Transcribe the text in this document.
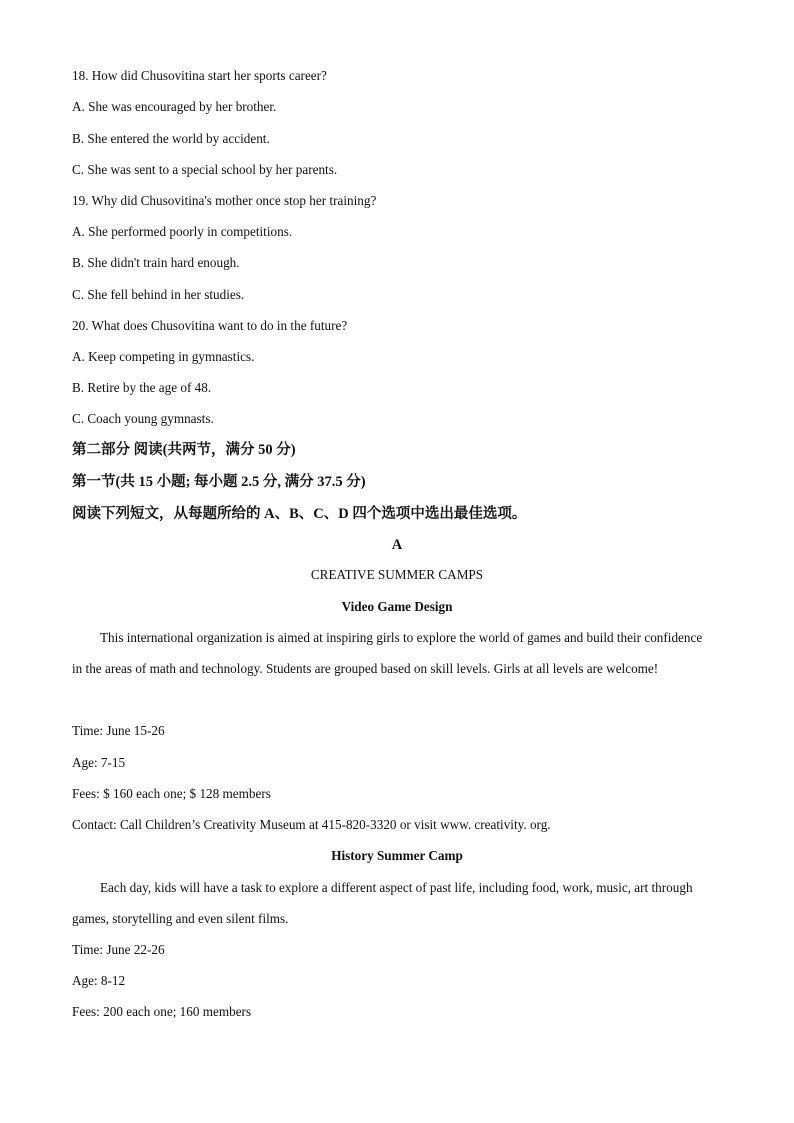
18. How did Chusovitina start her sports career?
A. She was encouraged by her brother.
B. She entered the world by accident.
C. She was sent to a special school by her parents.
19. Why did Chusovitina's mother once stop her training?
A. She performed poorly in competitions.
B. She didn't train hard enough.
C. She fell behind in her studies.
20. What does Chusovitina want to do in the future?
A. Keep competing in gymnastics.
B. Retire by the age of 48.
C. Coach young gymnasts.
第二部分 阅读(共两节，满分 50 分)
第一节(共 15 小题; 每小题 2.5 分, 满分 37.5 分)
阅读下列短文，从每题所给的 A、B、C、D 四个选项中选出最佳选项。
A
CREATIVE SUMMER CAMPS
Video Game Design
This international organization is aimed at inspiring girls to explore the world of games and build their confidence in the areas of math and technology. Students are grouped based on skill levels. Girls at all levels are welcome!
Time: June 15-26
Age: 7-15
Fees: $ 160 each one; $ 128 members
Contact: Call Children’s Creativity Museum at 415-820-3320 or visit www. creativity. org.
History Summer Camp
Each day, kids will have a task to explore a different aspect of past life, including food, work, music, art through games, storytelling and even silent films.
Time: June 22-26
Age: 8-12
Fees: 200 each one; 160 members
